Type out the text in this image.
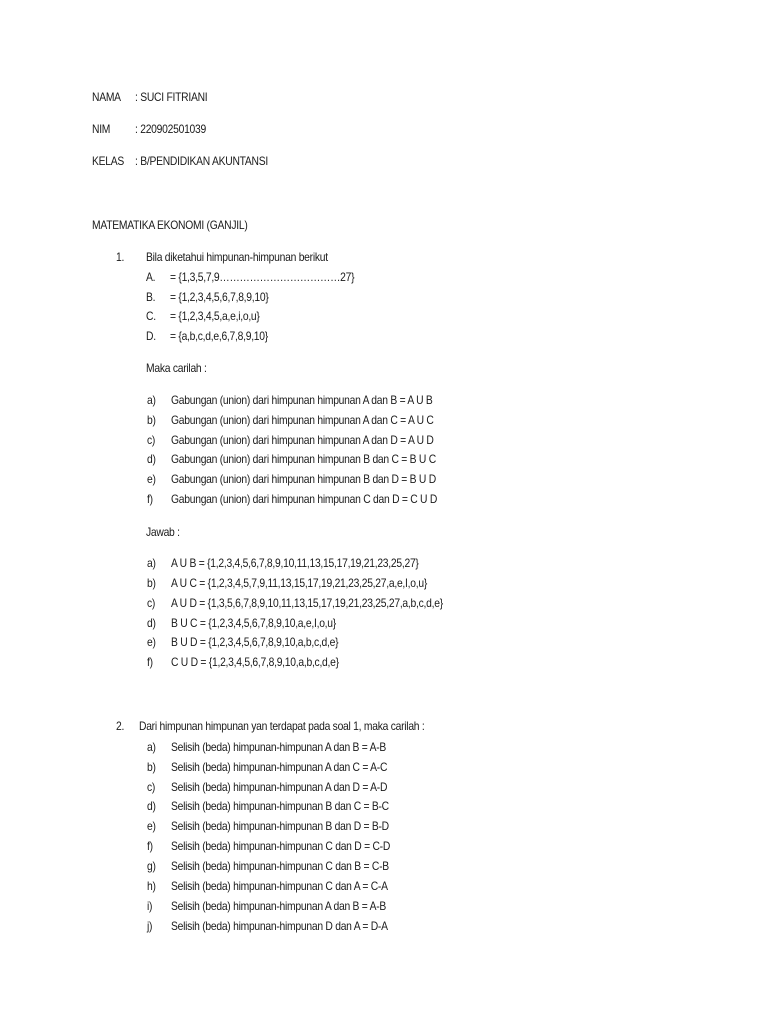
NAMA : SUCI FITRIANI
NIM : 220902501039
KELAS : B/PENDIDIKAN AKUNTANSI
MATEMATIKA EKONOMI (GANJIL)
1. Bila diketahui himpunan-himpunan berikut
A. = {1,3,5,7,9………………………………27}
B. = {1,2,3,4,5,6,7,8,9,10}
C. = {1,2,3,4,5,a,e,i,o,u}
D. = {a,b,c,d,e,6,7,8,9,10}
Maka carilah :
a) Gabungan (union) dari himpunan himpunan A dan B = A U B
b) Gabungan (union) dari himpunan himpunan A dan C = A U C
c) Gabungan (union) dari himpunan himpunan A dan D = A U D
d) Gabungan (union) dari himpunan himpunan B dan C = B U C
e) Gabungan (union) dari himpunan himpunan B dan D = B U D
f) Gabungan (union) dari himpunan himpunan C dan D = C U D
Jawab :
a) A U B = {1,2,3,4,5,6,7,8,9,10,11,13,15,17,19,21,23,25,27}
b) A U C = {1,2,3,4,5,7,9,11,13,15,17,19,21,23,25,27,a,e,I,o,u}
c) A U D = {1,3,5,6,7,8,9,10,11,13,15,17,19,21,23,25,27,a,b,c,d,e}
d) B U C = {1,2,3,4,5,6,7,8,9,10,a,e,I,o,u}
e) B U D = {1,2,3,4,5,6,7,8,9,10,a,b,c,d,e}
f) C U D = {1,2,3,4,5,6,7,8,9,10,a,b,c,d,e}
2. Dari himpunan himpunan yan terdapat pada soal 1, maka carilah :
a) Selisih (beda) himpunan-himpunan A dan B = A-B
b) Selisih (beda) himpunan-himpunan A dan C = A-C
c) Selisih (beda) himpunan-himpunan A dan D = A-D
d) Selisih (beda) himpunan-himpunan B dan C = B-C
e) Selisih (beda) himpunan-himpunan B dan D = B-D
f) Selisih (beda) himpunan-himpunan C dan D = C-D
g) Selisih (beda) himpunan-himpunan C dan B = C-B
h) Selisih (beda) himpunan-himpunan C dan A = C-A
i) Selisih (beda) himpunan-himpunan A dan B = A-B
j) Selisih (beda) himpunan-himpunan D dan A = D-A
